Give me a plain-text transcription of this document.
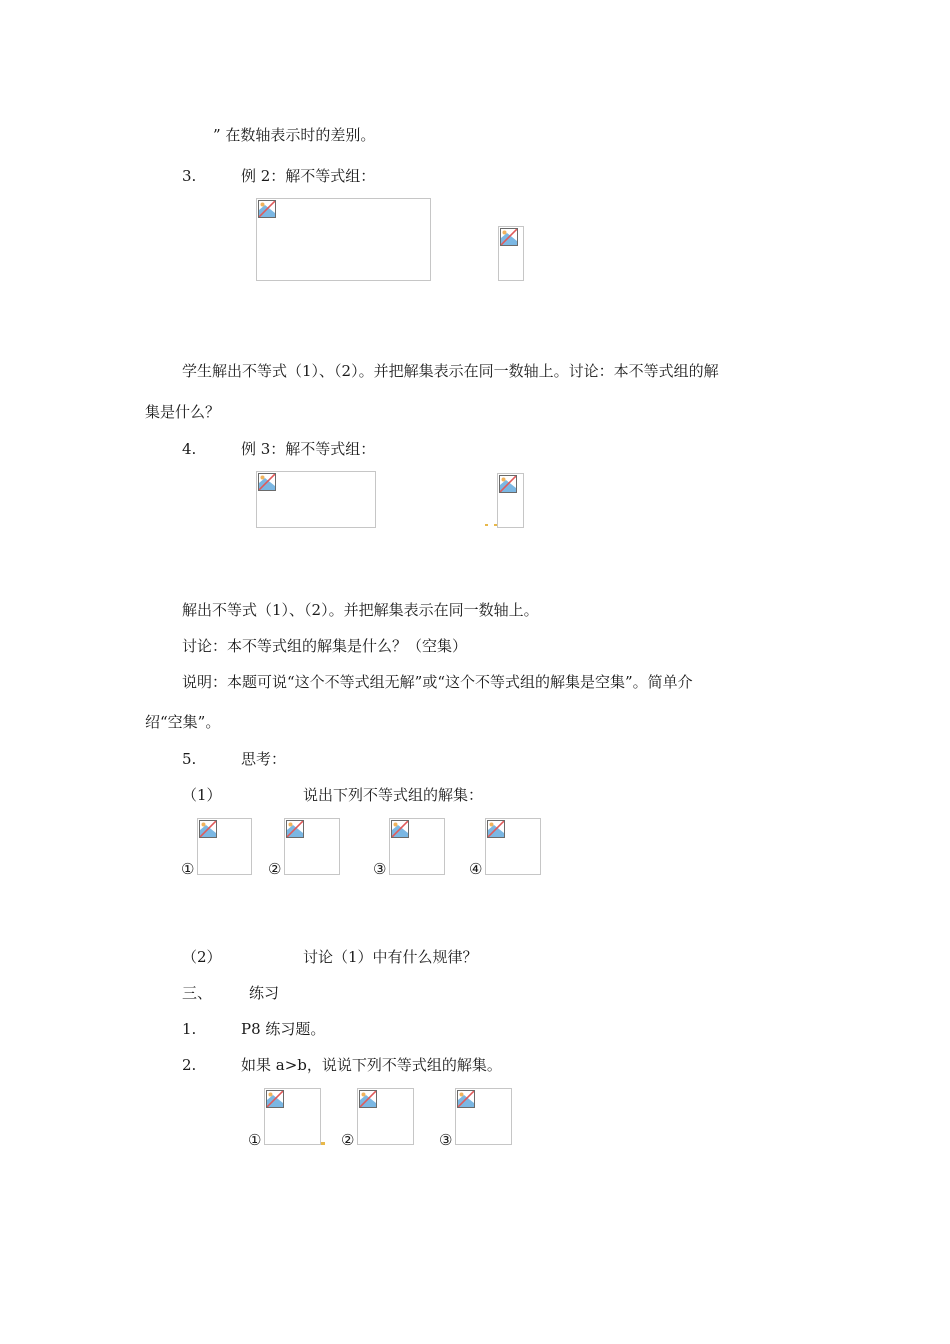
” 在数轴表示时的差别。
3.	例 2：解不等式组：
学生解出不等式（1）、（2）。并把解集表示在同一数轴上。讨论：本不等式组的解
集是什么？
4.	例 3：解不等式组：
解出不等式（1）、（2）。并把解集表示在同一数轴上。
讨论：本不等式组的解集是什么？（空集）
说明：本题可说“这个不等式组无解”或“这个不等式组的解集是空集”。简单介
绍“空集”。
5.	思考：
（1）	说出下列不等式组的解集：
①	②	③	④
（2）	讨论（1）中有什么规律？
三、 练习
1.	P8 练习题。
2.	如果 a>b，说说下列不等式组的解集。
①	②	③
